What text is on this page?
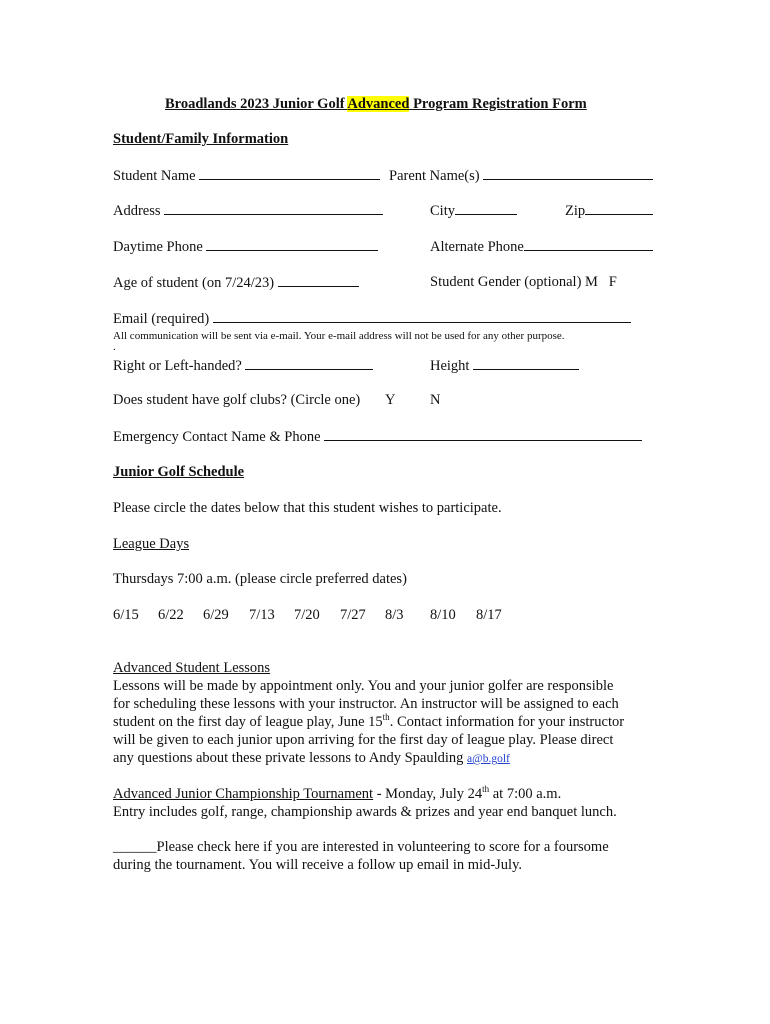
Broadlands 2023 Junior Golf Advanced Program Registration Form
Student/Family Information
Student Name	Parent Name(s)
Address	City	Zip
Daytime Phone	Alternate Phone
Age of student (on 7/24/23)	Student Gender (optional) M   F
Email (required)
All communication will be sent via e-mail. Your e-mail address will not be used for any other purpose.
.
Right or Left-handed?	Height
Does student have golf clubs? (Circle one) Y N
Emergency Contact Name & Phone
Junior Golf Schedule
Please circle the dates below that this student wishes to participate.
League Days
Thursdays 7:00 a.m. (please circle preferred dates)
6/15 6/22 6/29 7/13 7/20 7/27 8/3 8/10 8/17
Advanced Student Lessons
Lessons will be made by appointment only. You and your junior golfer are responsible
for scheduling these lessons with your instructor. An instructor will be assigned to each
student on the first day of league play, June 15th. Contact information for your instructor
will be given to each junior upon arriving for the first day of league play. Please direct
any questions about these private lessons to Andy Spaulding a@b.golf
Advanced Junior Championship Tournament - Monday, July 24th at 7:00 a.m.
Entry includes golf, range, championship awards & prizes and year end banquet lunch.
______Please check here if you are interested in volunteering to score for a foursome
during the tournament. You will receive a follow up email in mid-July.
